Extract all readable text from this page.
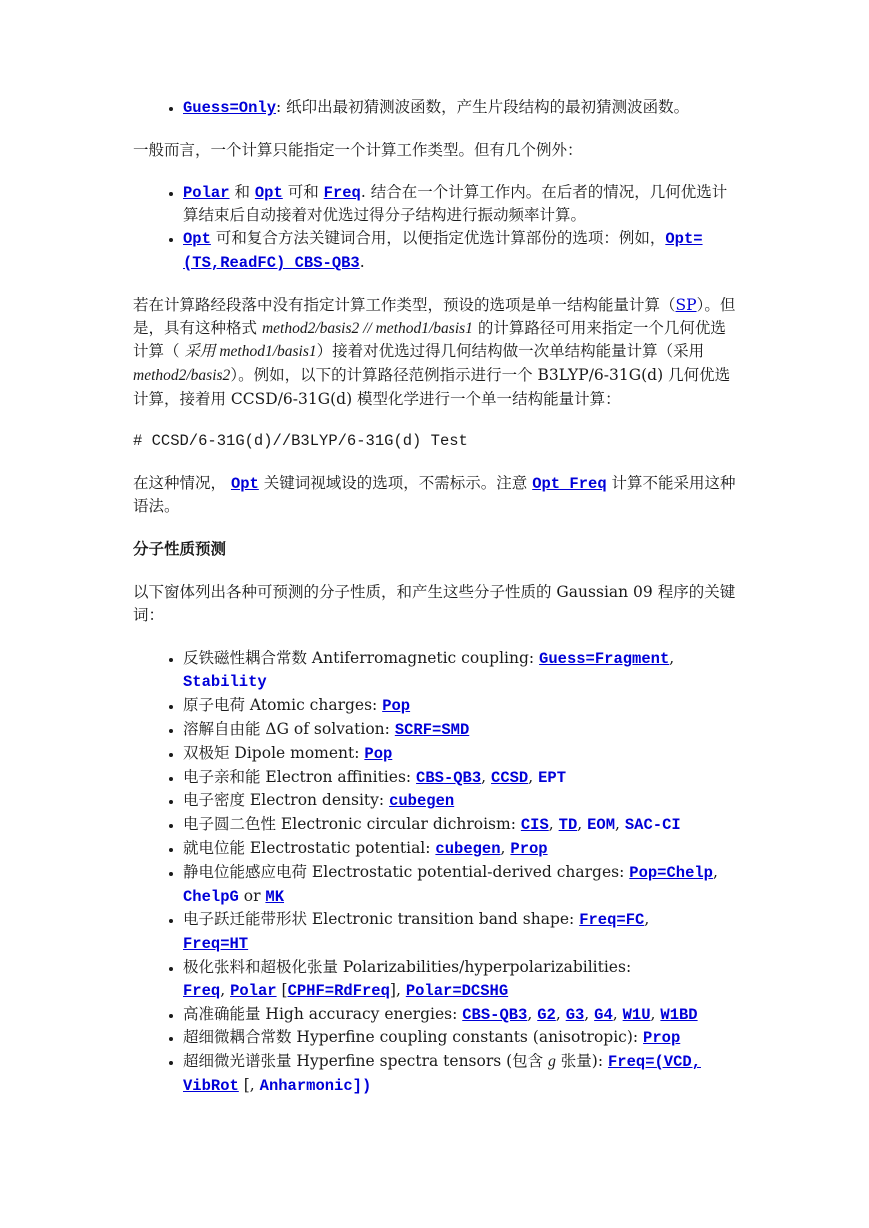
• Guess=Only: 纸印出最初猜测波函数，产生片段结构的最初猜测波函数。

一般而言，一个计算只能指定一个计算工作类型。但有几个例外：

• Polar 和 Opt 可和 Freq. 结合在一个计算工作内。在后者的情况，几何优选计算结束后自动接着对优选过得分子结构进行振动频率计算。
• Opt 可和复合方法关键词合用，以便指定优选计算部份的选项：例如，Opt=(TS,ReadFC) CBS-QB3.

若在计算路经段落中没有指定计算工作类型，预设的选项是单一结构能量计算（SP）。但是，具有这种格式 method2/basis2 // method1/basis1 的计算路径可用来指定一个几何优选计算（ 采用 method1/basis1）接着对优选过得几何结构做一次单结构能量计算（采用 method2/basis2）。例如，以下的计算路径范例指示进行一个 B3LYP/6-31G(d) 几何优选计算，接着用 CCSD/6-31G(d) 模型化学进行一个单一结构能量计算：

# CCSD/6-31G(d)//B3LYP/6-31G(d) Test

在这种情况， Opt 关键词视域设的选项，不需标示。注意 Opt Freq 计算不能采用这种语法。

分子性质预测

以下窗体列出各种可预测的分子性质，和产生这些分子性质的 Gaussian 09 程序的关键词：

• 反铁磁性耦合常数 Antiferromagnetic coupling: Guess=Fragment, Stability
• 原子电荷 Atomic charges: Pop
• 溶解自由能 ΔG of solvation: SCRF=SMD
• 双极矩 Dipole moment: Pop
• 电子亲和能 Electron affinities: CBS-QB3, CCSD, EPT
• 电子密度 Electron density: cubegen
• 电子圆二色性 Electronic circular dichroism: CIS, TD, EOM, SAC-CI
• 就电位能 Electrostatic potential: cubegen, Prop
• 静电位能感应电荷 Electrostatic potential-derived charges: Pop=Chelp, ChelpG or MK
• 电子跃迁能带形状 Electronic transition band shape: Freq=FC,
Freq=HT
• 极化张料和超极化张量 Polarizabilities/hyperpolarizabilities:
Freq, Polar [CPHF=RdFreq], Polar=DCSHG
• 高准确能量 High accuracy energies: CBS-QB3, G2, G3, G4, W1U, W1BD
• 超细微耦合常数 Hyperfine coupling constants (anisotropic): Prop
• 超细微光谱张量 Hyperfine spectra tensors (包含 g 张量): Freq=(VCD,
VibRot [, Anharmonic])
